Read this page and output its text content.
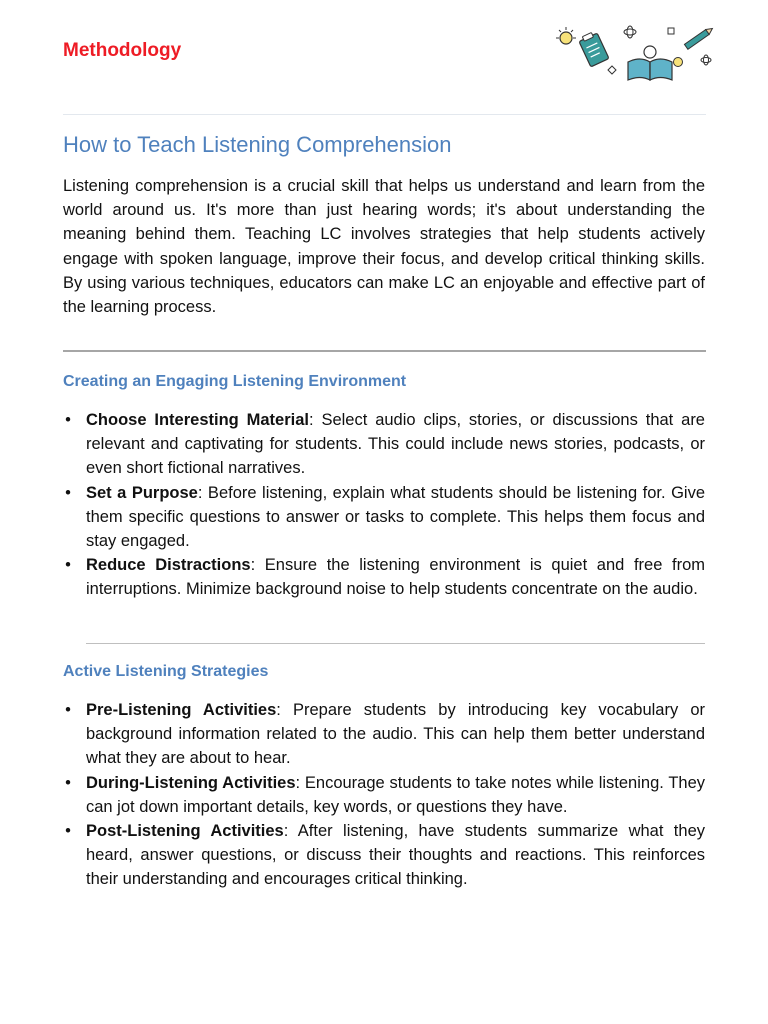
Methodology
How to Teach Listening Comprehension

Listening comprehension is a crucial skill that helps us understand and learn from the world around us. It's more than just hearing words; it's about understanding the meaning behind them. Teaching LC involves strategies that help students actively engage with spoken language, improve their focus, and develop critical thinking skills. By using various techniques, educators can make LC an enjoyable and effective part of the learning process.

Creating an Engaging Listening Environment
• Choose Interesting Material: Select audio clips, stories, or discussions that are relevant and captivating for students. This could include news stories, podcasts, or even short fictional narratives.
• Set a Purpose: Before listening, explain what students should be listening for. Give them specific questions to answer or tasks to complete. This helps them focus and stay engaged.
• Reduce Distractions: Ensure the listening environment is quiet and free from interruptions. Minimize background noise to help students concentrate on the audio.
Active Listening Strategies
• Pre-Listening Activities: Prepare students by introducing key vocabulary or background information related to the audio. This can help them better understand what they are about to hear.
• During-Listening Activities: Encourage students to take notes while listening. They can jot down important details, key words, or questions they have.
• Post-Listening Activities: After listening, have students summarize what they heard, answer questions, or discuss their thoughts and reactions. This reinforces their understanding and encourages critical thinking.
